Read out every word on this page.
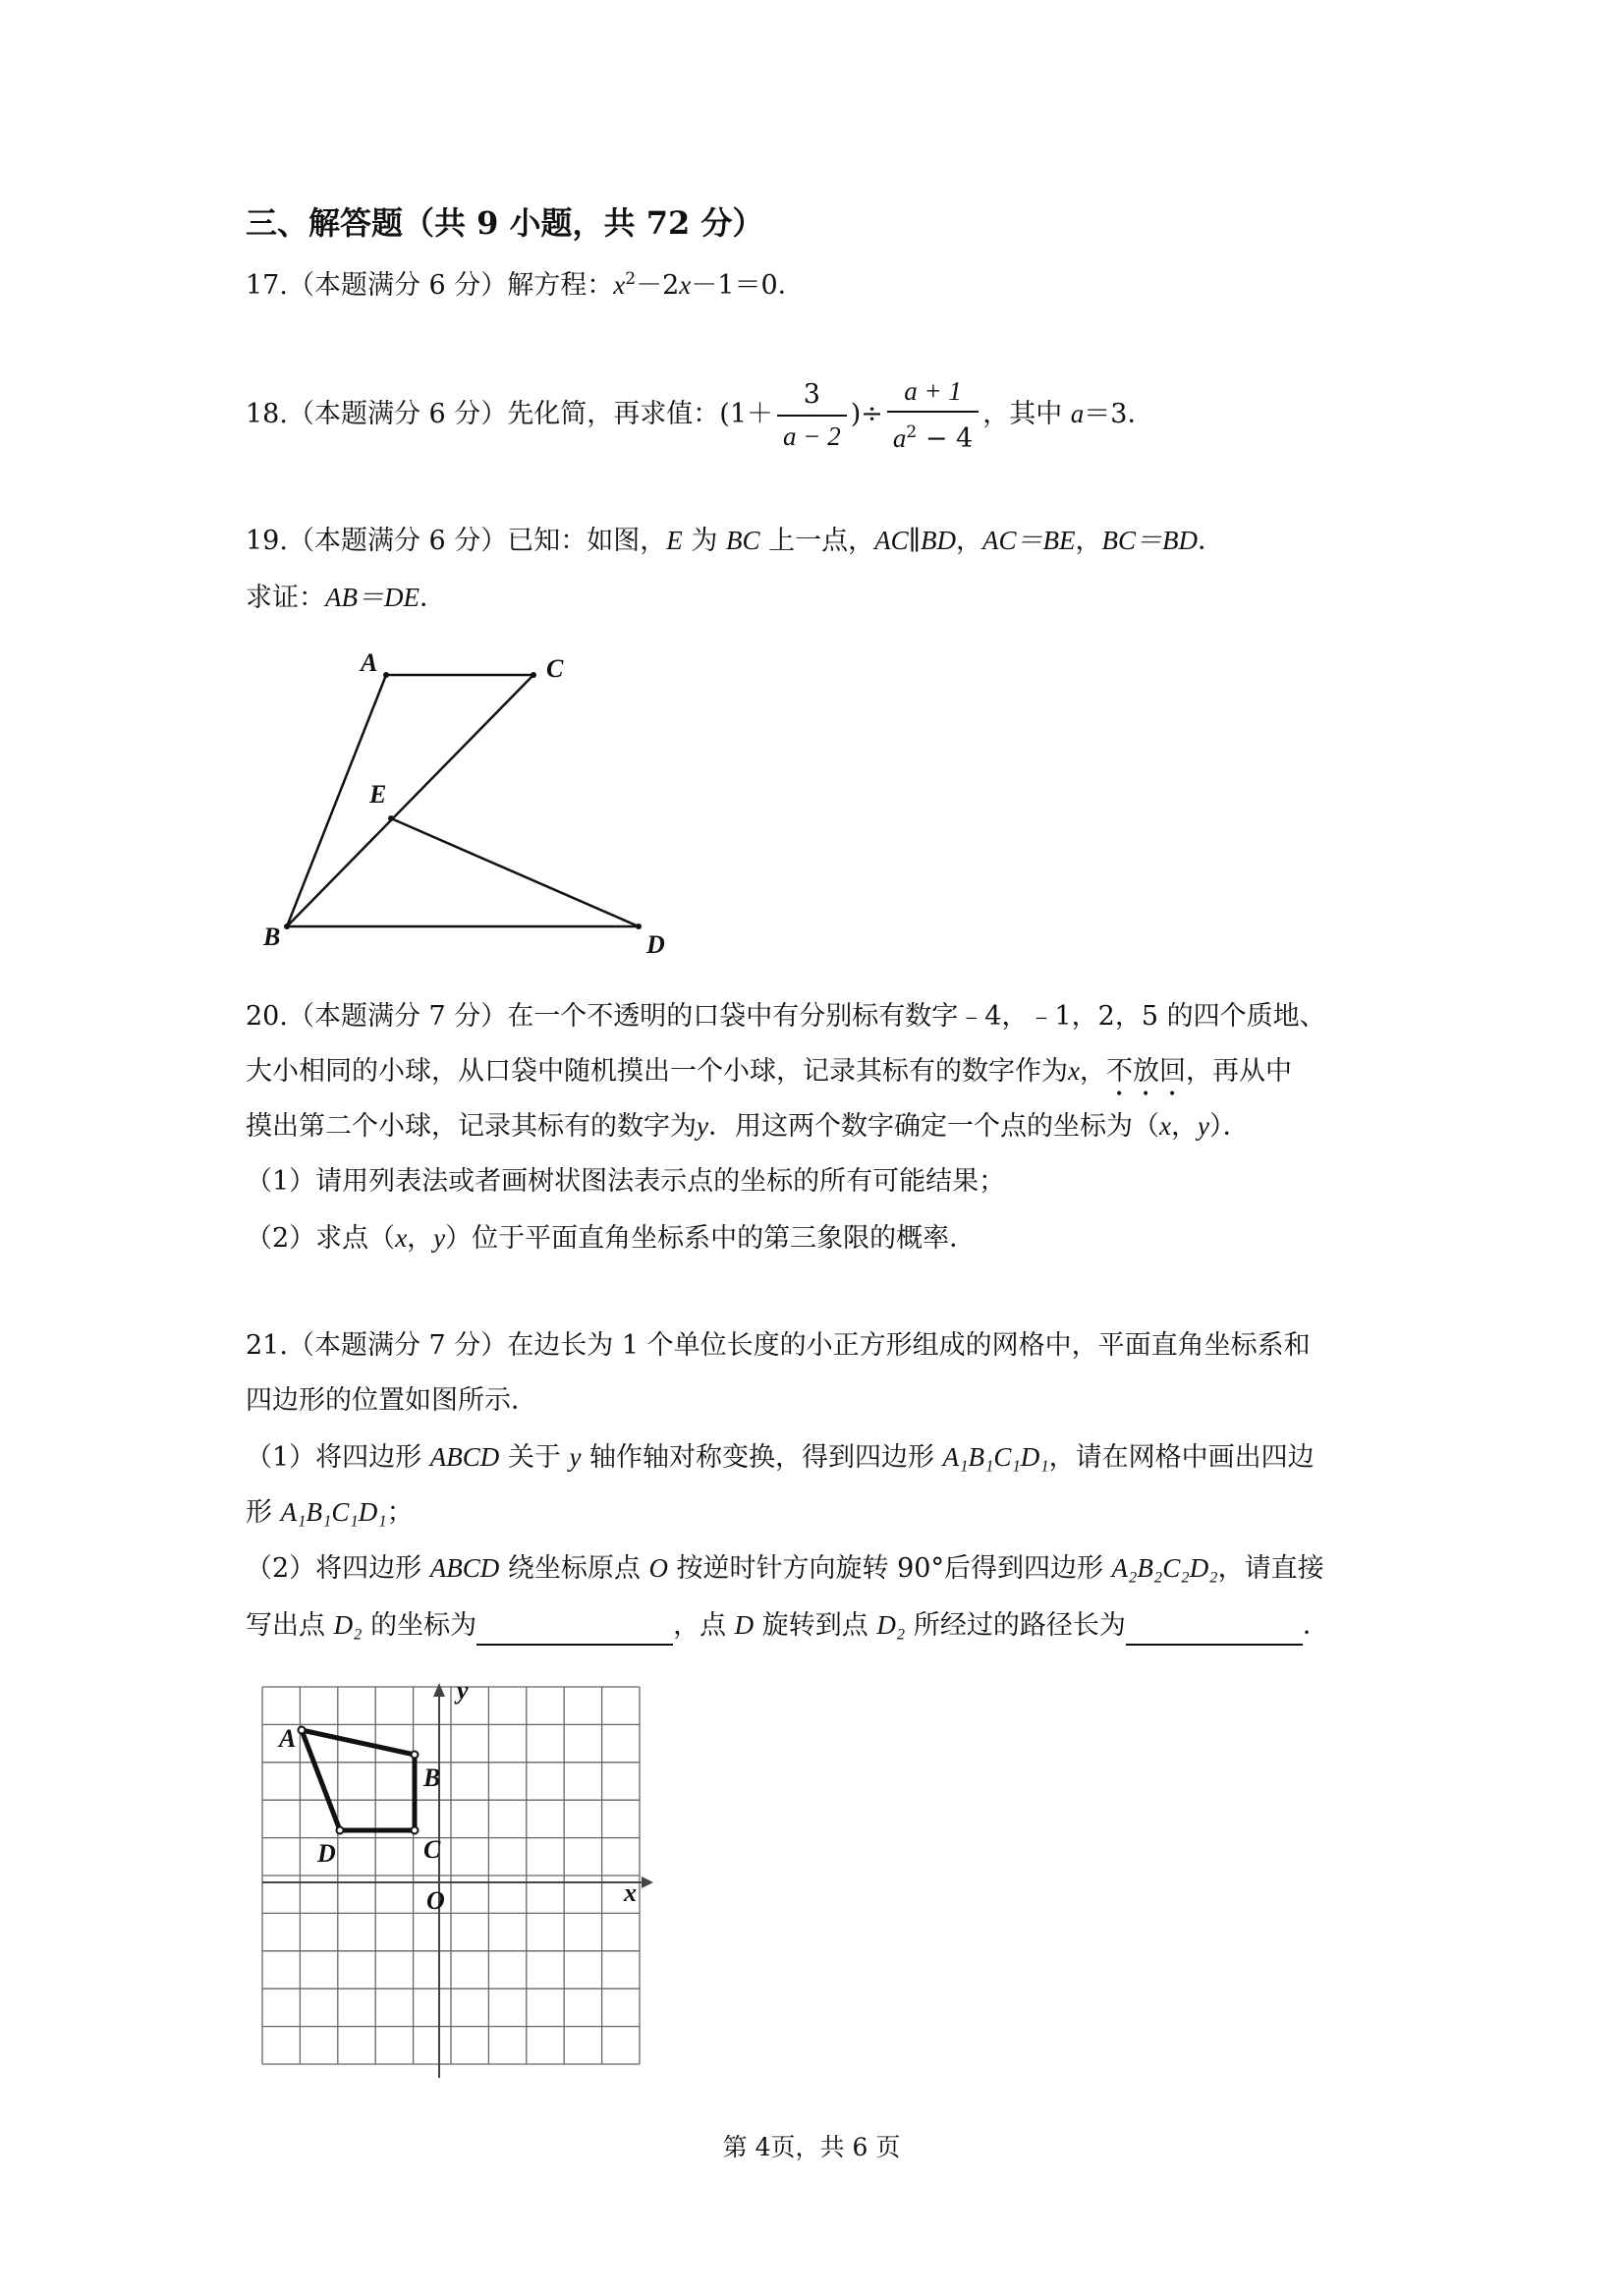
三、解答题（共 9 小题，共 72 分）
17.（本题满分 6 分）解方程：$x^2-2x-1=0$．
18.（本题满分 6 分）先化简，再求值：($1+ \frac{3}{a - 2}$ )÷ $\frac{a + 1}{a^2 - 4}$ ，其中 a＝3．
19.（本题满分 6 分）已知：如图，E 为 BC 上一点，AC∥BD，AC＝BE，BC＝BD．
求证：AB＝DE．
A	C
E
B	D
20.（本题满分 7 分）在一个不透明的口袋中有分别标有数字﹣4，﹣1，2，5 的四个质地、
大小相同的小球，从口袋中随机摸出一个小球，记录其标有的数字作为x，不放回，再从中
摸出第二个小球，记录其标有的数字为y．用这两个数字确定一个点的坐标为（x，y）．
（1）请用列表法或者画树状图法表示点的坐标的所有可能结果；
（2）求点（x，y）位于平面直角坐标系中的第三象限的概率．
21.（本题满分 7 分）在边长为 1 个单位长度的小正方形组成的网格中，平面直角坐标系和
四边形的位置如图所示．
（1）将四边形 ABCD 关于 y 轴作轴对称变换，得到四边形 A₁B₁C₁D₁，请在网格中画出四边
形 A₁B₁C₁D₁；
（2）将四边形 ABCD 绕坐标原点 O 按逆时针方向旋转 90°后得到四边形 A₂B₂C₂D₂，请直接
写出点 D₂ 的坐标为	，点 D 旋转到点 D₂ 所经过的路径长为	．
A
B
C
D
O	x
y
第 4页，共 6 页
